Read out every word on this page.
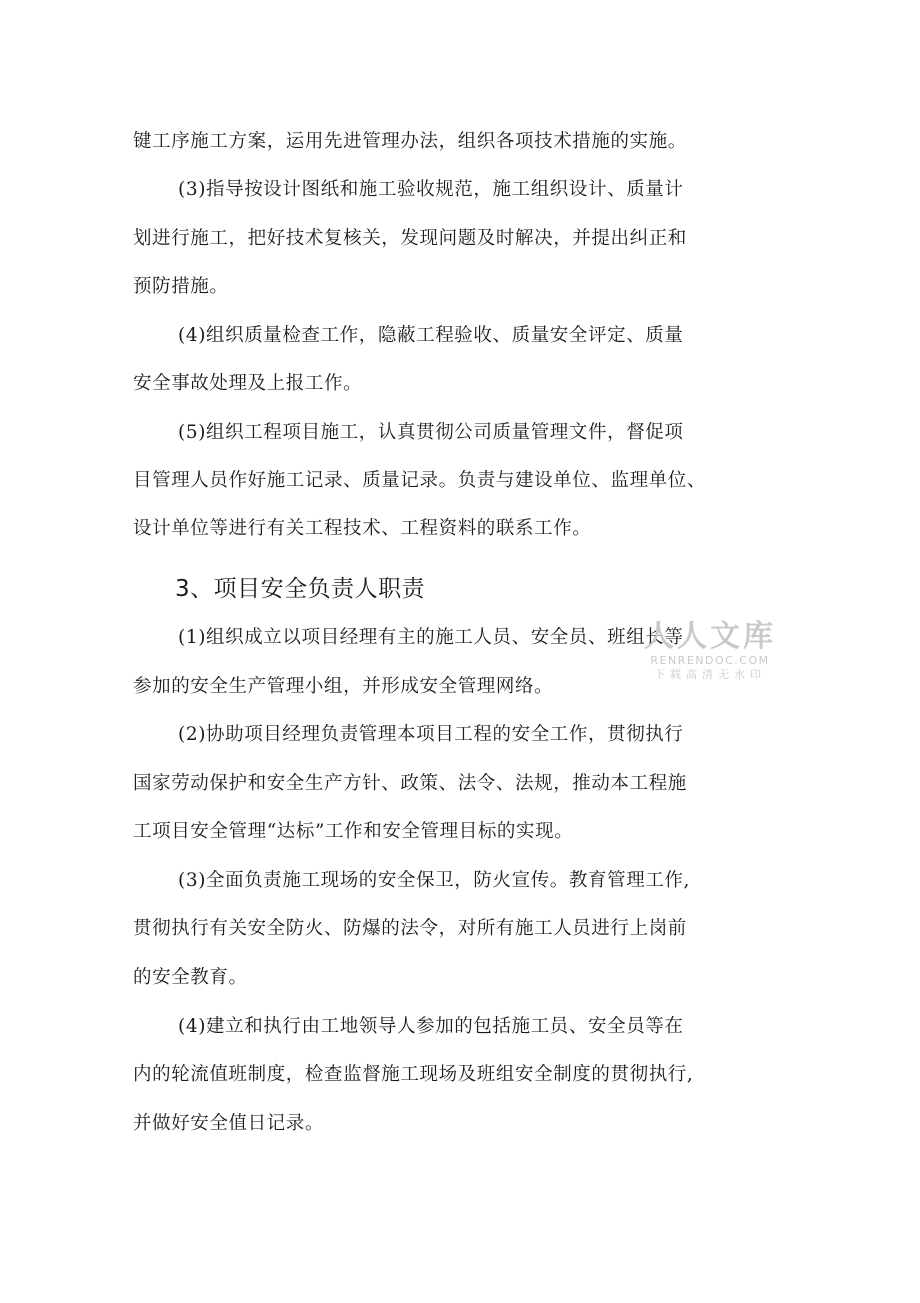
键工序施工方案，运用先进管理办法，组织各项技术措施的实施。
(3)指导按设计图纸和施工验收规范，施工组织设计、质量计
划进行施工，把好技术复核关，发现问题及时解决，并提出纠正和
预防措施。
(4)组织质量检查工作，隐蔽工程验收、质量安全评定、质量
安全事故处理及上报工作。
(5)组织工程项目施工，认真贯彻公司质量管理文件，督促项
目管理人员作好施工记录、质量记录。负责与建设单位、监理单位、
设计单位等进行有关工程技术、工程资料的联系工作。
3、项目安全负责人职责
(1)组织成立以项目经理有主的施工人员、安全员、班组长等
参加的安全生产管理小组，并形成安全管理网络。
(2)协助项目经理负责管理本项目工程的安全工作，贯彻执行
国家劳动保护和安全生产方针、政策、法令、法规，推动本工程施
工项目安全管理“达标”工作和安全管理目标的实现。
(3)全面负责施工现场的安全保卫，防火宣传。教育管理工作,
贯彻执行有关安全防火、防爆的法令，对所有施工人员进行上岗前
的安全教育。
(4)建立和执行由工地领导人参加的包括施工员、安全员等在
内的轮流值班制度，检查监督施工现场及班组安全制度的贯彻执行,
并做好安全值日记录。
人人文库
RENRENDOC.COM
下载高清无水印
